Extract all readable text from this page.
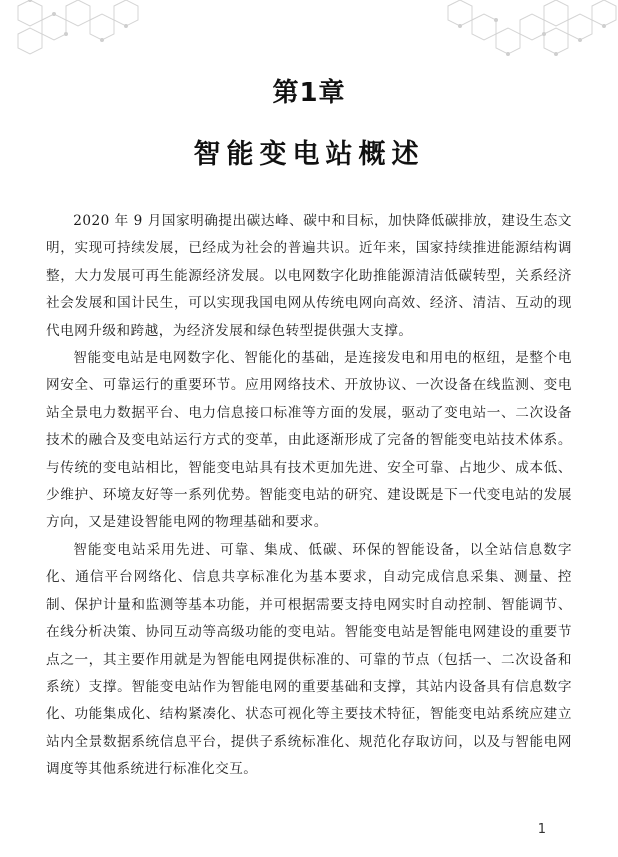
第1章
智能变电站概述

2020 年 9 月国家明确提出碳达峰、碳中和目标，加快降低碳排放，建设生态文明，实现可持续发展，已经成为社会的普遍共识。近年来，国家持续推进能源结构调整，大力发展可再生能源经济发展。以电网数字化助推能源清洁低碳转型，关系经济社会发展和国计民生，可以实现我国电网从传统电网向高效、经济、清洁、互动的现代电网升级和跨越，为经济发展和绿色转型提供强大支撑。

智能变电站是电网数字化、智能化的基础，是连接发电和用电的枢纽，是整个电网安全、可靠运行的重要环节。应用网络技术、开放协议、一次设备在线监测、变电站全景电力数据平台、电力信息接口标准等方面的发展，驱动了变电站一、二次设备技术的融合及变电站运行方式的变革，由此逐渐形成了完备的智能变电站技术体系。与传统的变电站相比，智能变电站具有技术更加先进、安全可靠、占地少、成本低、少维护、环境友好等一系列优势。智能变电站的研究、建设既是下一代变电站的发展方向，又是建设智能电网的物理基础和要求。

智能变电站采用先进、可靠、集成、低碳、环保的智能设备，以全站信息数字化、通信平台网络化、信息共享标准化为基本要求，自动完成信息采集、测量、控制、保护计量和监测等基本功能，并可根据需要支持电网实时自动控制、智能调节、在线分析决策、协同互动等高级功能的变电站。智能变电站是智能电网建设的重要节点之一，其主要作用就是为智能电网提供标准的、可靠的节点（包括一、二次设备和系统）支撑。智能变电站作为智能电网的重要基础和支撑，其站内设备具有信息数字化、功能集成化、结构紧凑化、状态可视化等主要技术特征，智能变电站系统应建立站内全景数据系统信息平台，提供子系统标准化、规范化存取访问，以及与智能电网调度等其他系统进行标准化交互。

1
